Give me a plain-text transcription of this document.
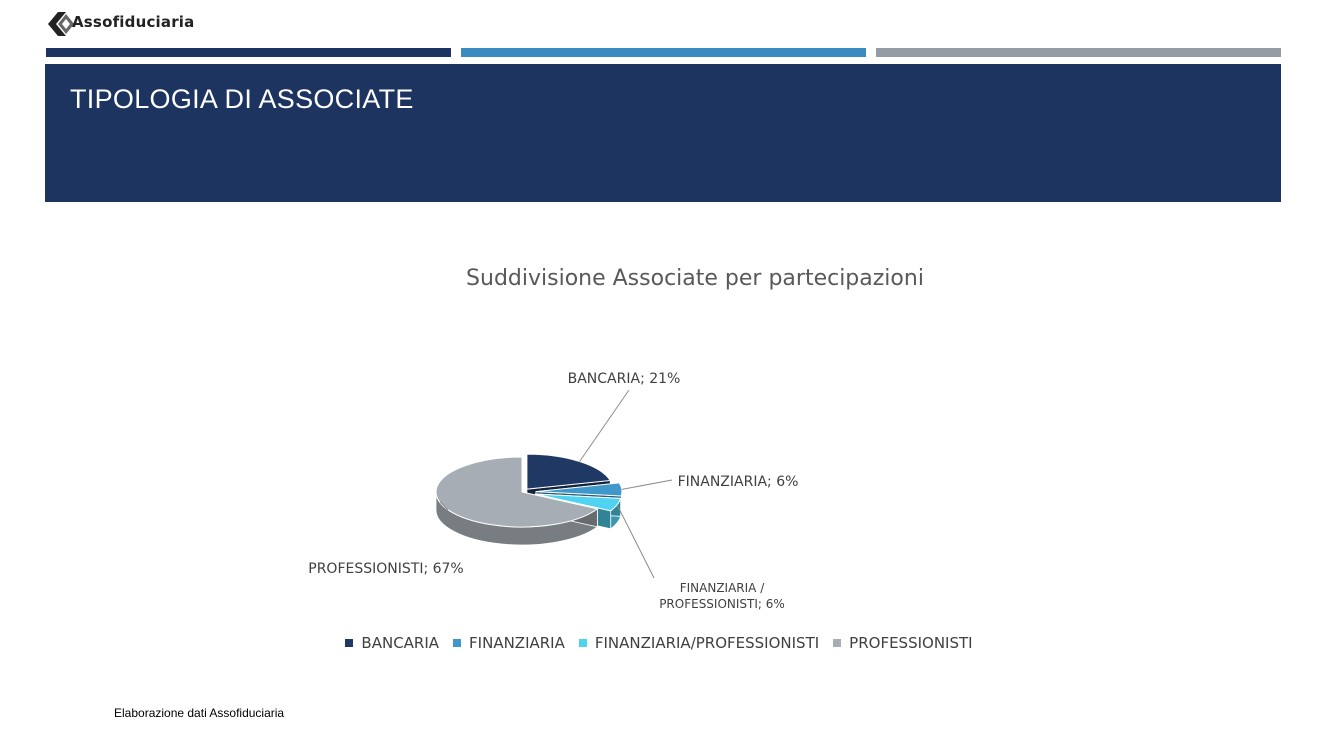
Assofiduciaria
TIPOLOGIA DI ASSOCIATE
Suddivisione Associate per partecipazioni
BANCARIA; 21%
FINANZIARIA; 6%
FINANZIARIA / PROFESSIONISTI; 6%
PROFESSIONISTI; 67%
BANCARIA FINANZIARIA FINANZIARIA/PROFESSIONISTI PROFESSIONISTI
Elaborazione dati Assofiduciaria
